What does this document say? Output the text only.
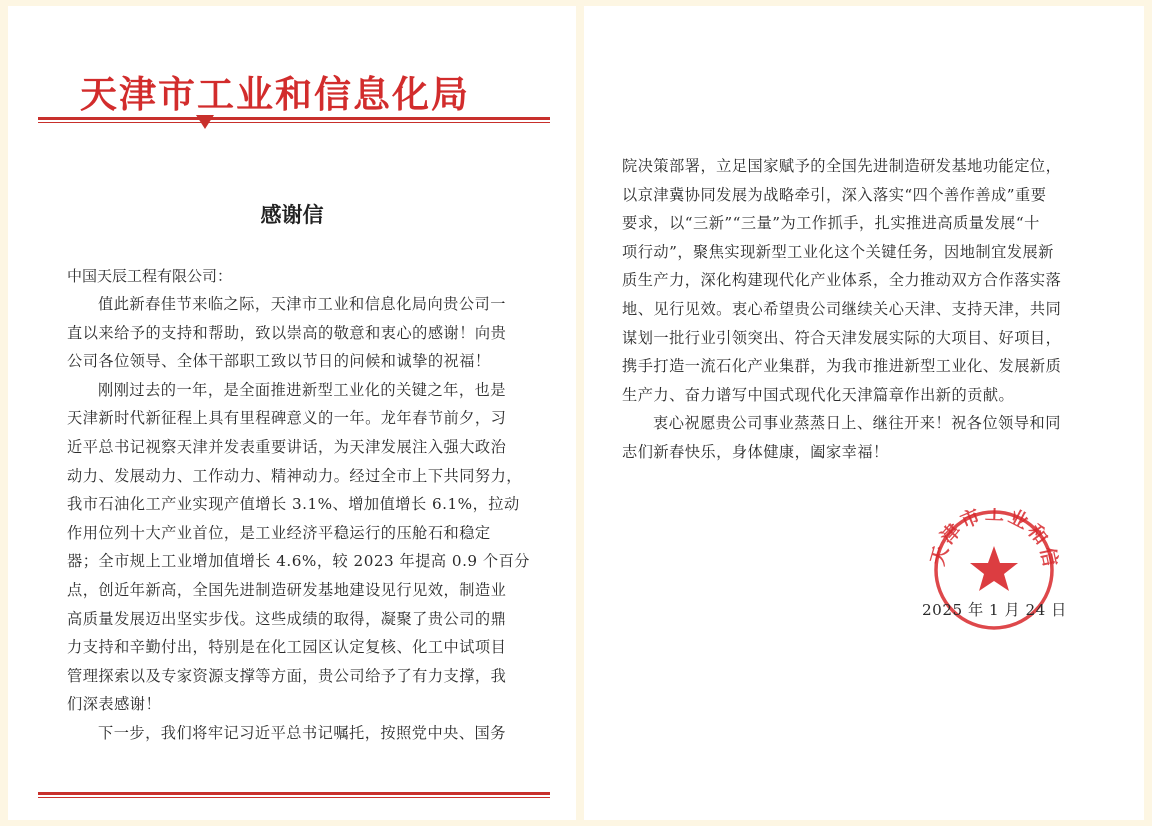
天津市工业和信息化局
感谢信
中国天辰工程有限公司：
值此新春佳节来临之际，天津市工业和信息化局向贵公司一
直以来给予的支持和帮助，致以崇高的敬意和衷心的感谢！向贵
公司各位领导、全体干部职工致以节日的问候和诚挚的祝福！
刚刚过去的一年，是全面推进新型工业化的关键之年，也是
天津新时代新征程上具有里程碑意义的一年。龙年春节前夕，习
近平总书记视察天津并发表重要讲话，为天津发展注入强大政治
动力、发展动力、工作动力、精神动力。经过全市上下共同努力，
我市石油化工产业实现产值增长 3.1%、增加值增长 6.1%，拉动
作用位列十大产业首位，是工业经济平稳运行的压舱石和稳定
器；全市规上工业增加值增长 4.6%，较 2023 年提高 0.9 个百分
点，创近年新高，全国先进制造研发基地建设见行见效，制造业
高质量发展迈出坚实步伐。这些成绩的取得，凝聚了贵公司的鼎
力支持和辛勤付出，特别是在化工园区认定复核、化工中试项目
管理探索以及专家资源支撑等方面，贵公司给予了有力支撑，我
们深表感谢！
下一步，我们将牢记习近平总书记嘱托，按照党中央、国务
院决策部署，立足国家赋予的全国先进制造研发基地功能定位，
以京津冀协同发展为战略牵引，深入落实“四个善作善成”重要
要求，以“三新”“三量”为工作抓手，扎实推进高质量发展“十
项行动”，聚焦实现新型工业化这个关键任务，因地制宜发展新
质生产力，深化构建现代化产业体系，全力推动双方合作落实落
地、见行见效。衷心希望贵公司继续关心天津、支持天津，共同
谋划一批行业引领突出、符合天津发展实际的大项目、好项目，
携手打造一流石化产业集群，为我市推进新型工业化、发展新质
生产力、奋力谱写中国式现代化天津篇章作出新的贡献。
衷心祝愿贵公司事业蒸蒸日上、继往开来！祝各位领导和同
志们新春快乐，身体健康，阖家幸福！
天津市工业和信
2025 年 1 月 24 日
